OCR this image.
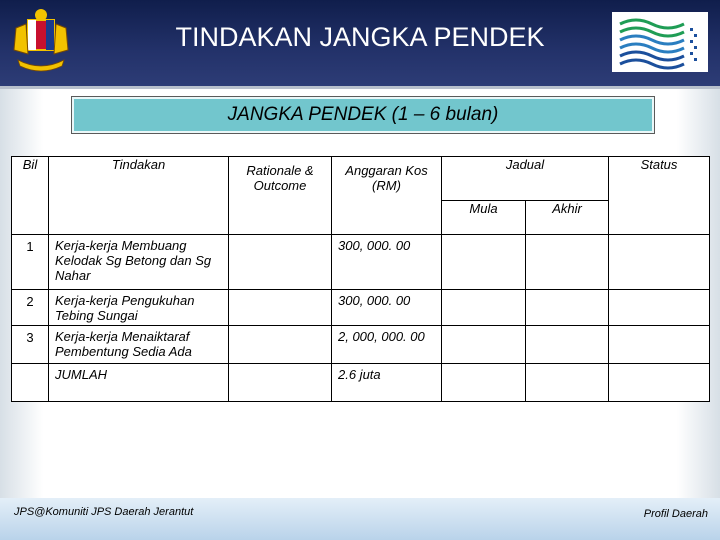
TINDAKAN JANGKA PENDEK
JANGKA PENDEK (1 – 6 bulan)
Bil	Tindakan	Rationale & Outcome	Anggaran Kos (RM)	Jadual		Status
				Mula	Akhir	
1	Kerja-kerja Membuang Kelodak Sg Betong dan Sg Nahar		300, 000. 00			
2	Kerja-kerja Pengukuhan Tebing Sungai		300, 000. 00			
3	Kerja-kerja Menaiktaraf Pembentung Sedia Ada		2, 000, 000. 00			
	JUMLAH		2.6 juta			
JPS@Komuniti JPS Daerah Jerantut	Profil Daerah
